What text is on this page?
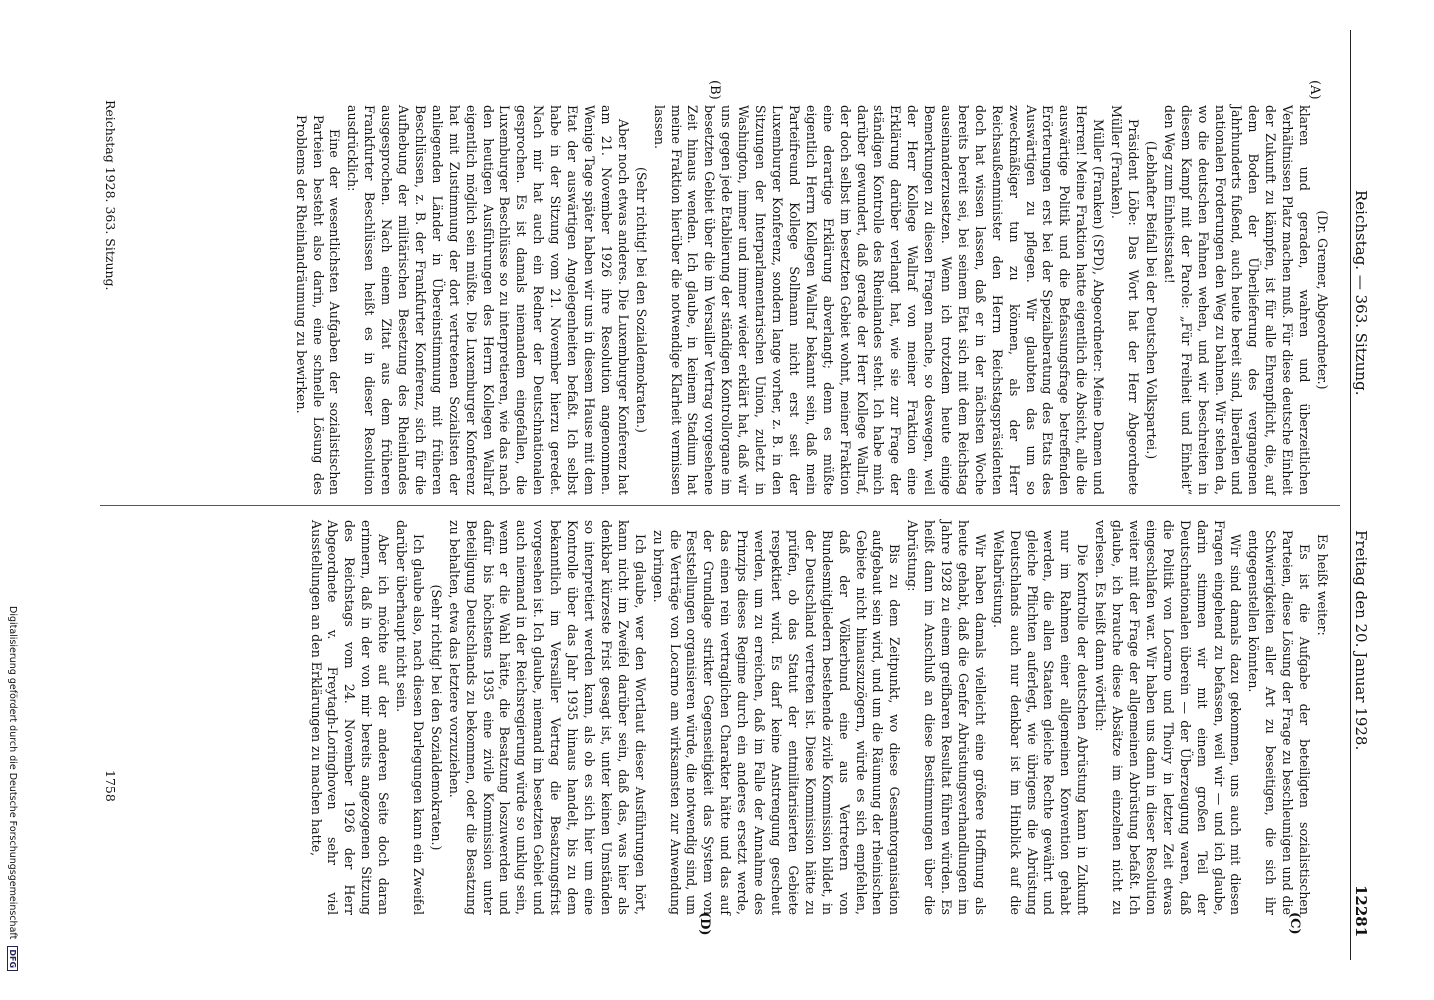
Reichstag. — 363. Sitzung.
Freitag den 20. Januar 1928.
12281
(A)
(B)
(C)
(D)

(Dr. Gremer, Abgeordneter.)

klaren und geraden, wahren und überzeitlichen Verhältnissen Platz machen muß. Für diese deutsche Einheit der Zukunft zu kämpfen, ist für alle Ehrenpflicht, die, auf dem Boden der Überlieferung des vergangenen Jahrhunderts fußend, auch heute bereit sind, liberalen und nationalen Forderungen den Weg zu bahnen. Wir stehen da, wo die deutschen Fahnen wehen, und wir beschreiten in diesem Kampf mit der Parole: „Für Freiheit und Einheit“ den Weg zum Einheitsstaat!

(Lebhafter Beifall bei der Deutschen Volkspartei.)

Präsident Löbe: Das Wort hat der Herr Abgeordnete Müller (Franken).

Müller (Franken) (SPD), Abgeordneter: Meine Damen und Herren! Meine Fraktion hatte eigentlich die Absicht, alle die auswärtige Politik und die Befassungsfrage betreffenden Erörterungen erst bei der Spezialberatung des Etats des Auswärtigen zu pflegen. Wir glaubten das um so zweckmäßiger tun zu können, als der Herr Reichsaußenminister den Herrn Reichstagspräsidenten doch hat wissen lassen, daß er in der nächsten Woche bereits bereit sei, bei seinem Etat sich mit dem Reichstag auseinanderzusetzen. Wenn ich trotzdem heute einige Bemerkungen zu diesen Fragen mache, so deswegen, weil der Herr Kollege Wallraf von meiner Fraktion eine Erklärung darüber verlangt hat, wie sie zur Frage der ständigen Kontrolle des Rheinlandes steht. Ich habe mich darüber gewundert, daß gerade der Herr Kollege Wallraf, der doch selbst im besetzten Gebiet wohnt, meiner Fraktion eine derartige Erklärung abverlangt; denn es müßte eigentlich Herrn Kollegen Wallraf bekannt sein, daß mein Parteifreund Kollege Sollmann nicht erst seit der Luxemburger Konferenz, sondern lange vorher, z. B. in den Sitzungen der Interparlamentarischen Union, zuletzt in Washington, immer und immer wieder erklärt hat, daß wir uns gegen jede Etablierung der ständigen Kontrollorgane im besetzten Gebiet über die im Versailler Vertrag vorgesehene Zeit hinaus wenden. Ich glaube, in keinem Stadium hat meine Fraktion hierüber die notwendige Klarheit vermissen lassen.

(Sehr richtig! bei den Sozialdemokraten.)

Aber noch etwas anderes. Die Luxemburger Konferenz hat am 21. November 1926 ihre Resolution angenommen. Wenige Tage später haben wir uns in diesem Hause mit dem Etat der auswärtigen Angelegenheiten befaßt. Ich selbst habe in der Sitzung vom 21. November hierzu geredet. Nach mir hat auch ein Redner der Deutschnationalen gesprochen. Es ist damals niemandem eingefallen, die Luxemburger Beschlüsse so zu interpretieren, wie das nach den heutigen Ausführungen des Herrn Kollegen Wallraf eigentlich möglich sein müßte. Die Luxemburger Konferenz hat mit Zustimmung der dort vertretenen Sozialisten der anliegenden Länder in Übereinstimmung mit früheren Beschlüssen, z. B. der Frankfurter Konferenz, sich für die Aufhebung der militärischen Besetzung des Rheinlandes ausgesprochen. Nach einem Zitat aus dem früheren Frankfurter Beschlüssen heißt es in dieser Resolution ausdrücklich:

Eine der wesentlichsten Aufgaben der sozialistischen Parteien besteht also darin, eine schnelle Lösung des Problems der Rheinlandräumung zu bewirken.

Es heißt weiter:

Es ist die Aufgabe der beteiligten sozialistischen Parteien, diese Lösung der Frage zu beschleunigen und die Schwierigkeiten aller Art zu beseitigen, die sich ihr entgegenstellen könnten.

Wir sind damals dazu gekommen, uns auch mit diesen Fragen eingehend zu befassen, weil wir — und ich glaube, darin stimmen wir mit einem großen Teil der Deutschnationalen überein — der Überzeugung waren, daß die Politik von Locarno und Thoiry in letzter Zeit etwas eingeschlafen war. Wir haben uns dann in dieser Resolution weiter mit der Frage der allgemeinen Abrüstung befaßt. Ich glaube, ich brauche diese Absätze im einzelnen nicht zu verlesen. Es heißt dann wörtlich:

Die Kontrolle der deutschen Abrüstung kann in Zukunft nur im Rahmen einer allgemeinen Konvention gehabt werden, die allen Staaten gleiche Rechte gewährt und gleiche Pflichten auferlegt, wie übrigens die Abrüstung Deutschlands auch nur denkbar ist im Hinblick auf die Weltabrüstung.

Wir haben damals vielleicht eine größere Hoffnung als heute gehabt, daß die Genfer Abrüstungsverhandlungen im Jahre 1928 zu einem greifbaren Resultat führen würden. Es heißt dann im Anschluß an diese Bestimmungen über die Abrüstung:

Bis zu dem Zeitpunkt, wo diese Gesamtorganisation aufgebaut sein wird, und um die Räumung der rheinischen Gebiete nicht hinauszuzögern, würde es sich empfehlen, daß der Völkerbund eine aus Vertretern von Bundesmitgliedern bestehende zivile Kommission bildet, in der Deutschland vertreten ist. Diese Kommission hätte zu prüfen, ob das Statut der entmilitarisierten Gebiete respektiert wird. Es darf keine Anstrengung gescheut werden, um zu erreichen, daß im Falle der Annahme des Prinzips dieses Regime durch ein anderes ersetzt werde, das einen rein vertraglichen Charakter hätte und das auf der Grundlage strikter Gegenseitigkeit das System von Feststellungen organisieren würde, die notwendig sind, um die Verträge von Locarno am wirksamsten zur Anwendung zu bringen.

Ich glaube, wer den Wortlaut dieser Ausführungen hört, kann nicht im Zweifel darüber sein, daß das, was hier als denkbar kürzeste Frist gesagt ist, unter keinen Umständen so interpretiert werden kann, als ob es sich hier um eine Kontrolle über das Jahr 1935 hinaus handelt, bis zu dem bekanntlich im Versailler Vertrag die Besatzungsfrist vorgesehen ist. Ich glaube, niemand im besetzten Gebiet und auch niemand in der Reichsregierung würde so unklug sein, wenn er die Wahl hätte, die Besatzung loszuwerden und dafür bis höchstens 1935 eine zivile Kommission unter Beteiligung Deutschlands zu bekommen, oder die Besatzung zu behalten, etwa das letztere vorzuziehen.

(Sehr richtig! bei den Sozialdemokraten.)

Ich glaube also, nach diesen Darlegungen kann ein Zweifel darüber überhaupt nicht sein.

Aber ich möchte auf der anderen Seite doch daran erinnern, daß in der von mir bereits angezogenen Sitzung des Reichstags vom 24. November 1926 der Herr Abgeordnete v. Freytagh-Loringhoven sehr viel Ausstellungen an den Erklärungen zu machen hatte,

Reichstag 1928. 363. Sitzung.
1758
Digitalisierung gefördert durch die Deutsche Forschungsgemeinschaft DFG
